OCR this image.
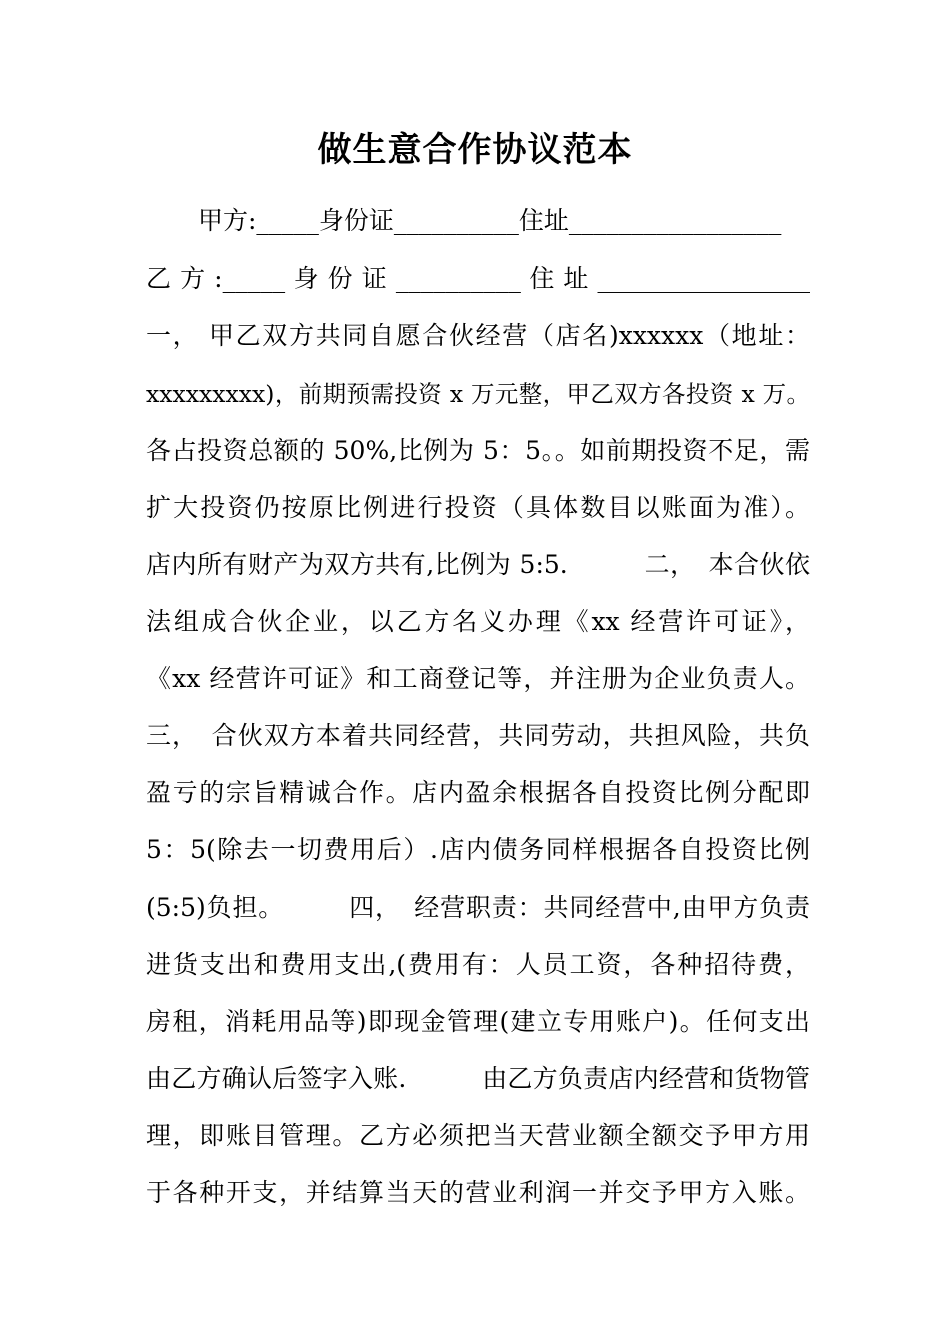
做生意合作协议范本
甲方:_____身份证__________住址_________________
乙 方 :_____ 身 份 证 __________ 住 址 _________________
一， 甲乙双方共同自愿合伙经营（店名)xxxxxx（地址：
xxxxxxxxx)，前期预需投资 x 万元整，甲乙双方各投资 x 万。
各占投资总额的 50%,比例为 5：5。。如前期投资不足，需
扩大投资仍按原比例进行投资（具体数目以账面为准）。
店内所有财产为双方共有,比例为 5:5.　　　二，　本合伙依
法组成合伙企业，以乙方名义办理《xx 经营许可证》，
《xx 经营许可证》和工商登记等，并注册为企业负责人。
三，　合伙双方本着共同经营，共同劳动，共担风险，共负
盈亏的宗旨精诚合作。店内盈余根据各自投资比例分配即
5：5(除去一切费用后）.店内债务同样根据各自投资比例
(5:5)负担。　　　四，　经营职责：共同经营中,由甲方负责
进货支出和费用支出,(费用有：人员工资，各种招待费，
房租，消耗用品等)即现金管理(建立专用账户)。任何支出
由乙方确认后签字入账.　　　由乙方负责店内经营和货物管
理，即账目管理。乙方必须把当天营业额全额交予甲方用
于各种开支，并结算当天的营业利润一并交予甲方入账。
